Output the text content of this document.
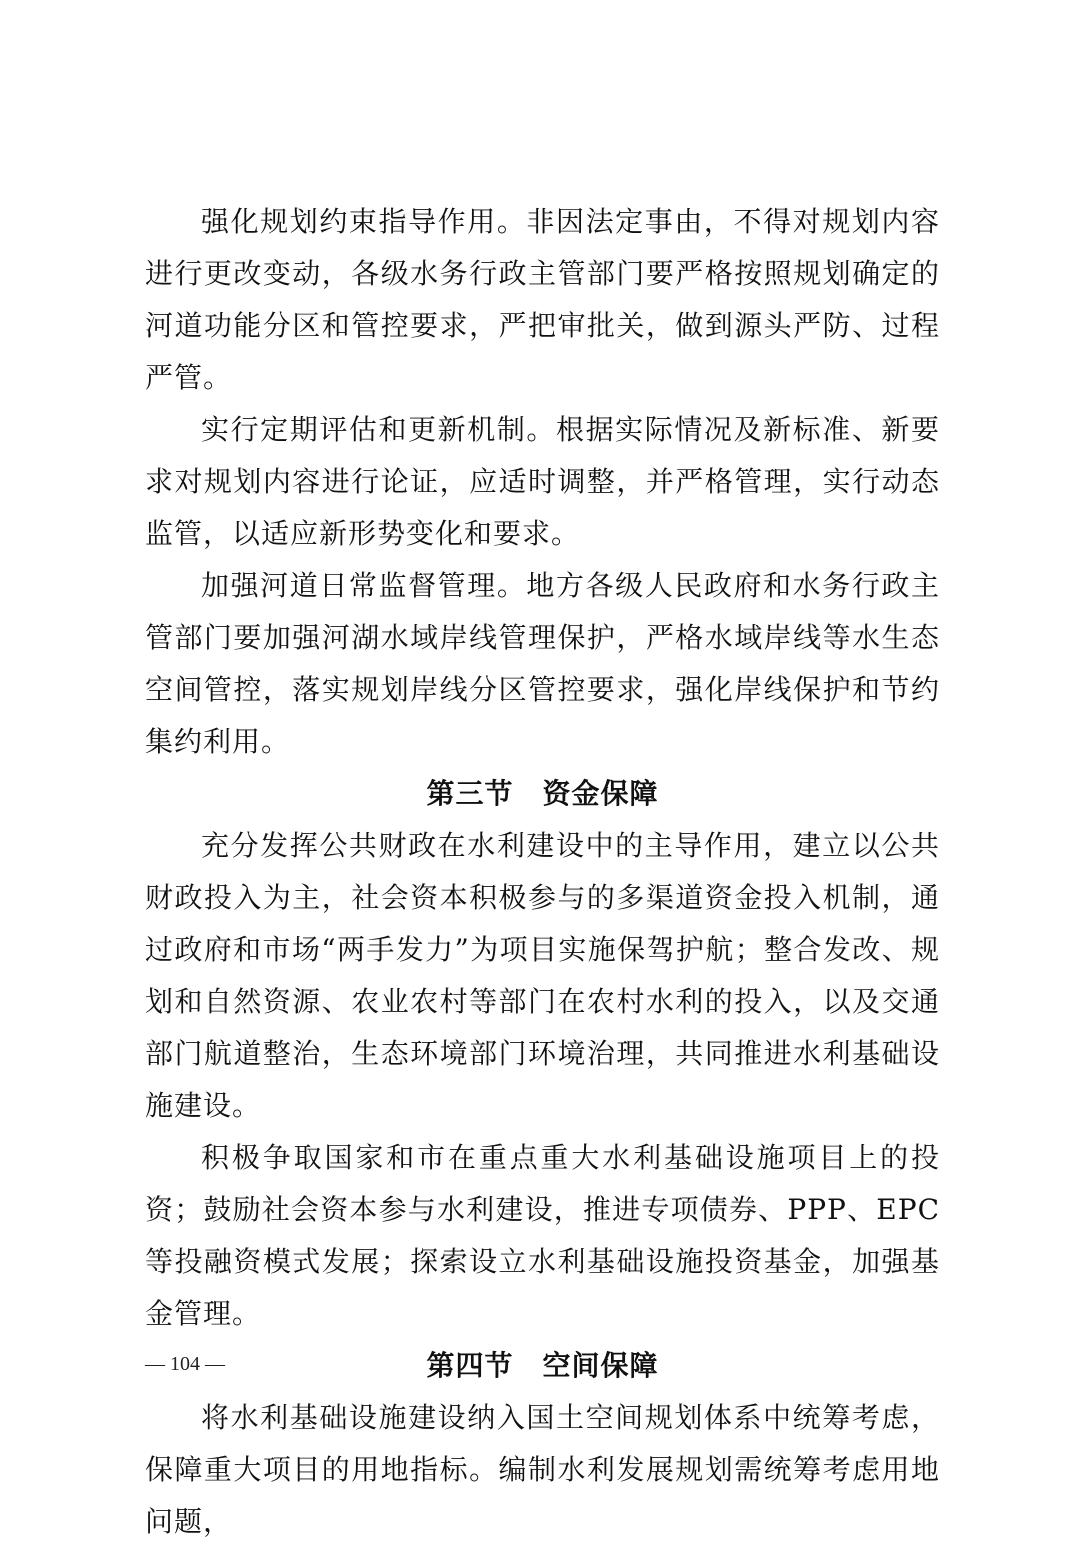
强化规划约束指导作用。非因法定事由，不得对规划内容进行更改变动，各级水务行政主管部门要严格按照规划确定的河道功能分区和管控要求，严把审批关，做到源头严防、过程严管。

实行定期评估和更新机制。根据实际情况及新标准、新要求对规划内容进行论证，应适时调整，并严格管理，实行动态监管，以适应新形势变化和要求。

加强河道日常监督管理。地方各级人民政府和水务行政主管部门要加强河湖水域岸线管理保护，严格水域岸线等水生态空间管控，落实规划岸线分区管控要求，强化岸线保护和节约集约利用。

第三节　资金保障

充分发挥公共财政在水利建设中的主导作用，建立以公共财政投入为主，社会资本积极参与的多渠道资金投入机制，通过政府和市场“两手发力”为项目实施保驾护航；整合发改、规划和自然资源、农业农村等部门在农村水利的投入，以及交通部门航道整治，生态环境部门环境治理，共同推进水利基础设施建设。

积极争取国家和市在重点重大水利基础设施项目上的投资；鼓励社会资本参与水利建设，推进专项债券、PPP、EPC 等投融资模式发展；探索设立水利基础设施投资基金，加强基金管理。

第四节　空间保障

将水利基础设施建设纳入国土空间规划体系中统筹考虑，保障重大项目的用地指标。编制水利发展规划需统筹考虑用地问题，

— 104 —
